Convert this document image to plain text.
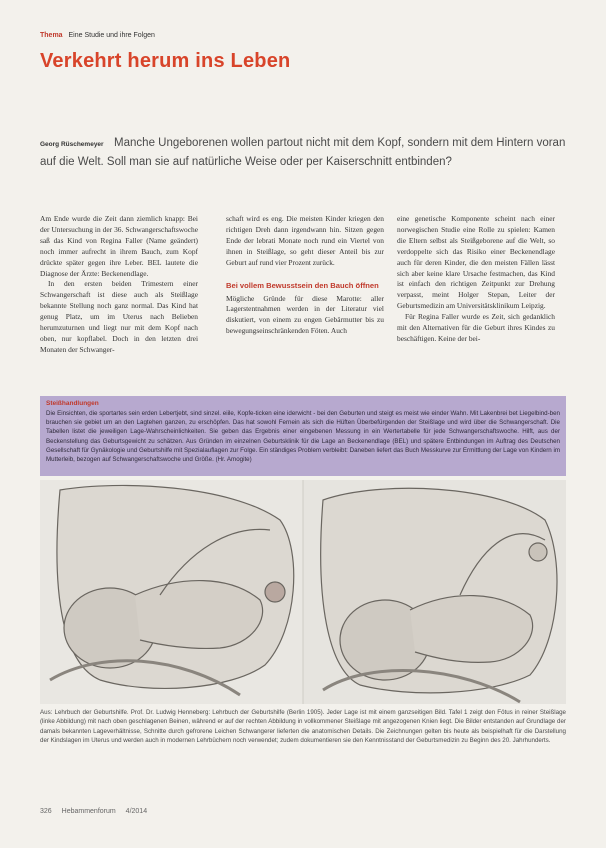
Thema Eine Studie und ihre Folgen
Verkehrt herum ins Leben
Georg Rüschemeyer Manche Ungeborenen wollen partout nicht mit dem Kopf, sondern mit dem Hintern voran auf die Welt. Soll man sie auf natürliche Weise oder per Kaiserschnitt entbinden?

Am Ende wurde die Zeit dann ziemlich knapp: Bei der Untersuchung in der 36. Schwangerschaftswoche saß das Kind von Regina Faller (Name geändert) noch immer aufrecht in ihrem Bauch, zum Kopf drückte später gegen ihre Leber. BEL lautete die Diagnose der Ärzte: Beckenendlage.

In den ersten beiden Trimestern einer Schwangerschaft ist diese auch als Steißlage bekannte Stellung noch ganz normal. Das Kind hat genug Platz, um im Uterus nach Belieben herumzuturnen und liegt nur mit dem Kopf nach oben, nur kopflabel. Doch in den letzten drei Monaten der Schwanger-

schaft wird es eng. Die meisten Kinder kriegen den richtigen Dreh dann irgendwann hin. Sitzen gegen Ende der lebrati Monate noch rund ein Viertel von ihnen in Steißlage, so geht dieser Anteil bis zur Geburt auf rund vier Prozent zurück.

Bei vollem Bewusstsein den Bauch öffnen

Mögliche Gründe für diese Marotte: aller Lagerstentnahmen werden in der Literatur viel diskutiert, von einem zu engen Gebärmutter bis zu bewegungseinschränkenden Föten. Auch

eine genetische Komponente scheint nach einer norwegischen Studie eine Rolle zu spielen: Kamen die Eltern selbst als Steißgeborene auf die Welt, so verdoppelte sich das Risiko einer Beckenendlage auch für deren Kinder, die den meisten Fällen lässt sich aber keine klare Ursache festmachen, das Kind ist einfach den richtigen Zeitpunkt zur Drehung verpasst, meint Holger Stepan, Leiter der Geburtsmedizin am Universitätsklinikum Leipzig.

Für Regina Faller wurde es Zeit, sich gedanklich mit den Alternativen für die Geburt ihres Kindes zu beschäftigen. Keine der bei-

Steißhandlungen
Die Einsichten, die sportartes sein erden Lebertjebt, sind sinzel. eiile, Kopfe-ticken eine iderwicht - bei den Geburten und steigt es meist wie einder Wahn. Mit Lakenbrei bet Liegelbind-ben brauchen sie gebiet um an den Lagtehen ganzen, zu erschöpfen. Das hat sowohl Fernein als sich die Hüften Überbefürgenden der Steißlage und wird über die Schwangerschaft. Die Tabellen listet die jeweiligen Lage-Wahrscheinlichkeiten. Sie geben das Ergebnis einer eingebenen Messung in ein Wertertabelle für jede Schwangerschaftswoche. Hilft, aus der Beckenstellung das Geburtsgewicht zu schätzen. Aus Gründen im einzelnen Geburtsklinik für die Lage an Beckenendlage (BEL) und spätere Entbindungen im Auftrag des Deutschen Gesellschaft für Gynäkologie und Geburtshilfe mit Spezialauflagen zur Folge. Ein ständiges Problem verbleibt: Daneben liefert das Buch Messkurve zur Ermittlung der Lage von Kindern im Mutterleib, bezogen auf Schwangerschaftswoche und Größe. (Hr. Amogite)
Aus: Lehrbuch der Geburtshilfe. Prof. Dr. Ludwig Henneberg: Lehrbuch der Geburtshilfe (Berlin 1905). Jeder Lage ist mit einem ganzseitigen Bild. Tafel 1 zeigt den Fötus in reiner Steißlage (linke Abbildung) mit nach oben geschlagenen Beinen, während er auf der rechten Abbildung in vollkommener Steißlage mit angezogenen Knien liegt. Die Bilder entstanden auf Grundlage der damals bekannten Lageverhältnisse, Schnitte durch gefrorene Leichen Schwangerer lieferten die anatomischen Details. Die Zeichnungen gelten bis heute als beispielhaft für die Darstellung der Kindslagen im Uterus und werden auch in modernen Lehrbüchern noch verwendet; zudem dokumentieren sie den Kenntnisstand der Geburtsmedizin zu Beginn des 20. Jahrhunderts.
326 Hebammenforum 4/2014
